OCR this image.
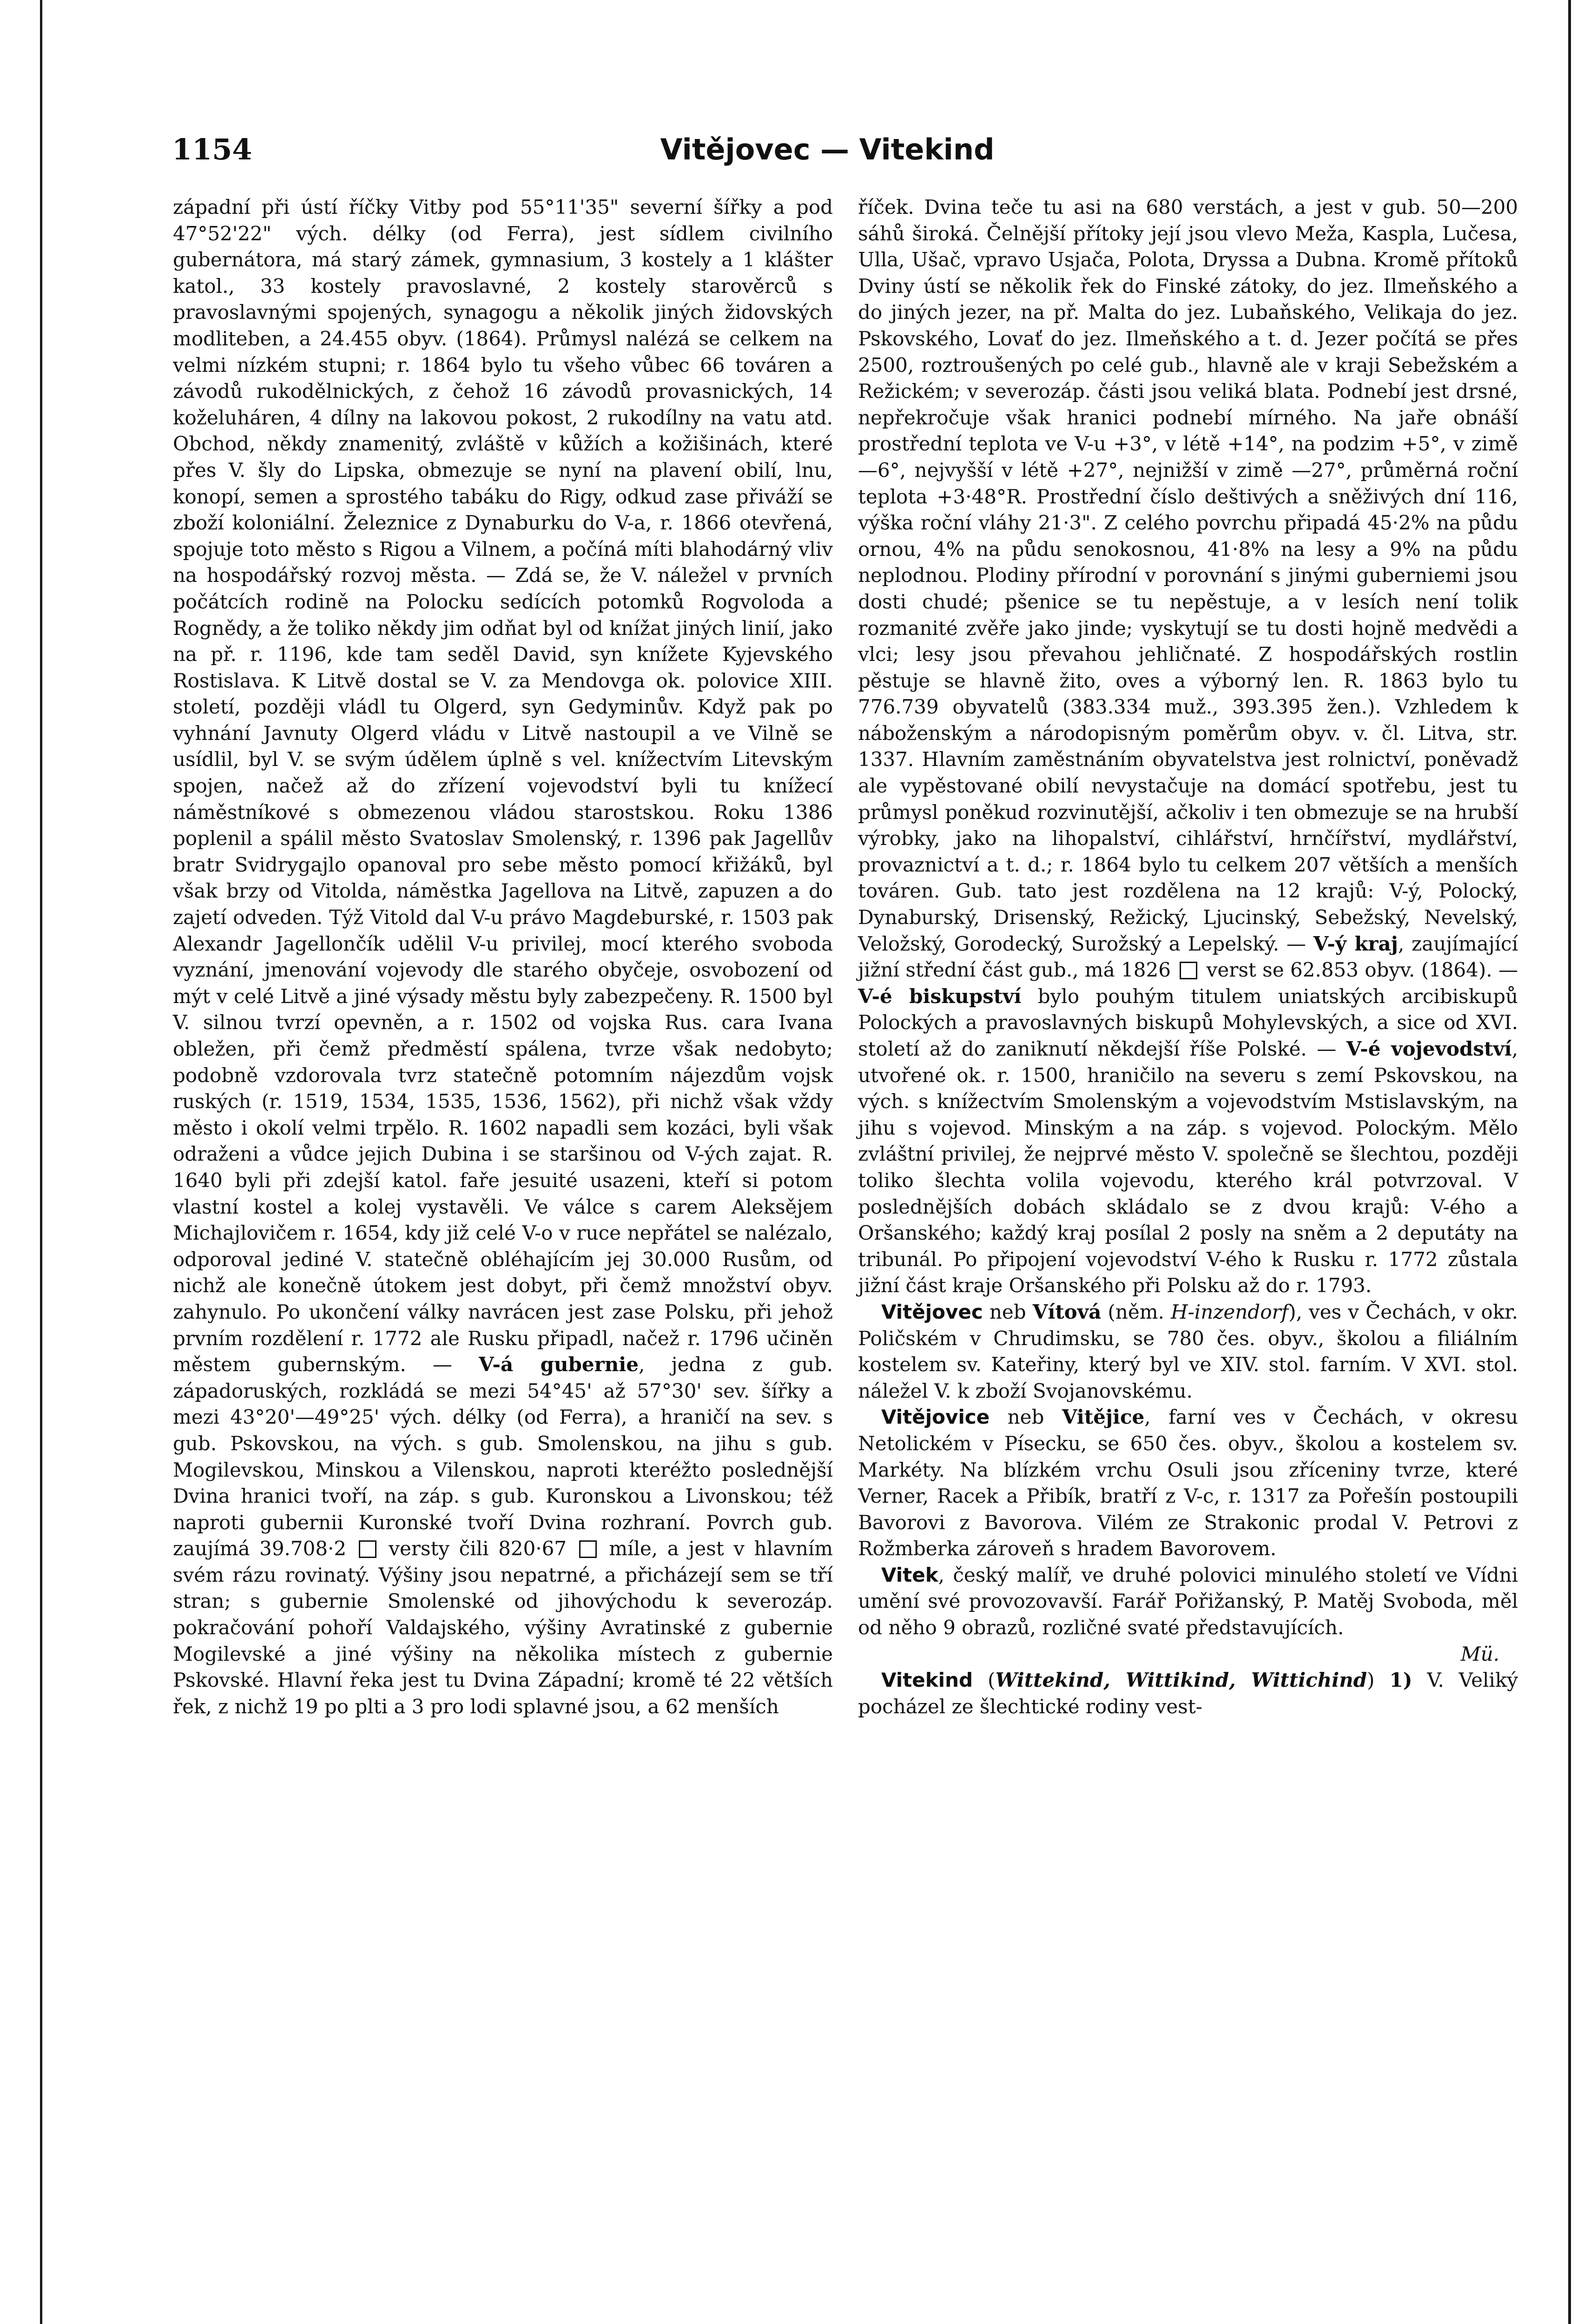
1154	Vitějovec — Vitekind

západní při ústí říčky Vitby pod 55°11'35" severní šířky a pod 47°52'22" vých. délky (od Ferra), jest sídlem civilního gubernátora, má starý zámek, gymnasium, 3 kostely a 1 klášter katol., 33 kostely pravoslavné, 2 kostely starověrců s pravoslavnými spojených, synagogu a několik jiných židovských modliteben, a 24.455 obyv. (1864). Průmysl nalézá se celkem na velmi nízkém stupni; r. 1864 bylo tu všeho vůbec 66 továren a závodů rukodělnických, z čehož 16 závodů provasnických, 14 koželuháren, 4 dílny na lakovou pokost, 2 rukodílny na vatu atd. Obchod, někdy znamenitý, zvláště v kůžích a kožišinách, které přes V. šly do Lipska, obmezuje se nyní na plavení obilí, lnu, konopí, semen a sprostého tabáku do Rigy, odkud zase přiváží se zboží koloniální. Železnice z Dynaburku do V-a, r. 1866 otevřená, spojuje toto město s Rigou a Vilnem, a počíná míti blahodárný vliv na hospodářský rozvoj města. — Zdá se, že V. náležel v prvních počátcích rodině na Polocku sedících potomků Rogvoloda a Rognědy, a že toliko někdy jim odňat byl od knížat jiných linií, jako na př. r. 1196, kde tam seděl David, syn knížete Kyjevského Rostislava. K Litvě dostal se V. za Mendovga ok. polovice XIII. století, později vládl tu Olgerd, syn Gedyminův. Když pak po vyhnání Javnuty Olgerd vládu v Litvě nastoupil a ve Vilně se usídlil, byl V. se svým údělem úplně s vel. knížectvím Litevským spojen, načež až do zřízení vojevodství byli tu knížecí náměstníkové s obmezenou vládou starostskou. Roku 1386 poplenil a spálil město Svatoslav Smolenský, r. 1396 pak Jagellův bratr Svidrygajlo opanoval pro sebe město pomocí křižáků, byl však brzy od Vitolda, náměstka Jagellova na Litvě, zapuzen a do zajetí odveden. Týž Vitold dal V-u právo Magdeburské, r. 1503 pak Alexandr Jagellončík udělil V-u privilej, mocí kterého svoboda vyznání, jmenování vojevody dle starého obyčeje, osvobození od mýt v celé Litvě a jiné výsady městu byly zabezpečeny. R. 1500 byl V. silnou tvrzí opevněn, a r. 1502 od vojska Rus. cara Ivana obležen, při čemž předměstí spálena, tvrze však nedobyto; podobně vzdorovala tvrz statečně potomním nájezdům vojsk ruských (r. 1519, 1534, 1535, 1536, 1562), při nichž však vždy město i okolí velmi trpělo. R. 1602 napadli sem kozáci, byli však odraženi a vůdce jejich Dubina i se staršinou od V-ých zajat. R. 1640 byli při zdejší katol. faře jesuité usazeni, kteří si potom vlastní kostel a kolej vystavěli. Ve válce s carem Aleksějem Michajlovičem r. 1654, kdy již celé V-o v ruce nepřátel se nalézalo, odporoval jediné V. statečně obléhajícím jej 30.000 Rusům, od nichž ale konečně útokem jest dobyt, při čemž množství obyv. zahynulo. Po ukončení války navrácen jest zase Polsku, při jehož prvním rozdělení r. 1772 ale Rusku připadl, načež r. 1796 učiněn městem gubernským. — V-á gubernie, jedna z gub. západoruských, rozkládá se mezi 54°45' až 57°30' sev. šířky a mezi 43°20'—49°25' vých. délky (od Ferra), a hraničí na sev. s gub. Pskovskou, na vých. s gub. Smolenskou, na jihu s gub. Mogilevskou, Minskou a Vilenskou, naproti kteréžto poslednější Dvina hranici tvoří, na záp. s gub. Kuronskou a Livonskou; též naproti gubernii Kuronské tvoří Dvina rozhraní. Povrch gub. zaujímá 39.708·2 versty čili 820·67 míle, a jest v hlavním svém rázu rovinatý. Výšiny jsou nepatrné, a přicházejí sem se tří stran; s gubernie Smolenské od jihovýchodu k severozáp. pokračování pohoří Valdajského, výšiny Avratinské z gubernie Mogilevské a jiné výšiny na několika místech z gubernie Pskovské. Hlavní řeka jest tu Dvina Západní; kromě té 22 větších řek, z nichž 19 po plti a 3 pro lodi splavné jsou, a 62 menších

říček. Dvina teče tu asi na 680 verstách, a jest v gub. 50—200 sáhů široká. Čelnější přítoky její jsou vlevo Meža, Kaspla, Lučesa, Ulla, Ušač, vpravo Usjača, Polota, Dryssa a Dubna. Kromě přítoků Dviny ústí se několik řek do Finské zátoky, do jez. Ilmeňského a do jiných jezer, na př. Malta do jez. Lubaňského, Velikaja do jez. Pskovského, Lovať do jez. Ilmeňského a t. d. Jezer počítá se přes 2500, roztroušených po celé gub., hlavně ale v kraji Sebežském a Režickém; v severozáp. části jsou veliká blata. Podnebí jest drsné, nepřekročuje však hranici podnebí mírného. Na jaře obnáší prostřední teplota ve V-u +3°, v létě +14°, na podzim +5°, v zimě —6°, nejvyšší v létě +27°, nejnižší v zimě —27°, průměrná roční teplota +3·48°R. Prostřední číslo deštivých a sněživých dní 116, výška roční vláhy 21·3". Z celého povrchu připadá 45·2% na půdu ornou, 4% na půdu senokosnou, 41·8% na lesy a 9% na půdu neplodnou. Plodiny přírodní v porovnání s jinými guberniemi jsou dosti chudé; pšenice se tu nepěstuje, a v lesích není tolik rozmanité zvěře jako jinde; vyskytují se tu dosti hojně medvědi a vlci; lesy jsou převahou jehličnaté. Z hospodářských rostlin pěstuje se hlavně žito, oves a výborný len. R. 1863 bylo tu 776.739 obyvatelů (383.334 muž., 393.395 žen.). Vzhledem k náboženským a národopisným poměrům obyv. v. čl. Litva, str. 1337. Hlavním zaměstnáním obyvatelstva jest rolnictví, poněvadž ale vypěstované obilí nevystačuje na domácí spotřebu, jest tu průmysl poněkud rozvinutější, ačkoliv i ten obmezuje se na hrubší výrobky, jako na lihopalství, cihlářství, hrnčířství, mydlářství, provaznictví a t. d.; r. 1864 bylo tu celkem 207 větších a menších továren. Gub. tato jest rozdělena na 12 krajů: V-ý, Polocký, Dynaburský, Drisenský, Režický, Ljucinský, Sebežský, Nevelský, Veložský, Gorodecký, Surožský a Lepelský. — V-ý kraj, zaujímající jižní střední část gub., má 1826 verst se 62.853 obyv. (1864). — V-é biskupství bylo pouhým titulem uniatských arcibiskupů Polockých a pravoslavných biskupů Mohylevských, a sice od XVI. století až do zaniknutí někdejší říše Polské. — V-é vojevodství, utvořené ok. r. 1500, hraničilo na severu s zemí Pskovskou, na vých. s knížectvím Smolenským a vojevodstvím Mstislavským, na jihu s vojevod. Minským a na záp. s vojevod. Polockým. Mělo zvláštní privilej, že nejprvé město V. společně se šlechtou, později toliko šlechta volila vojevodu, kterého král potvrzoval. V poslednějších dobách skládalo se z dvou krajů: V-ého a Oršanského; každý kraj posílal 2 posly na sněm a 2 deputáty na tribunál. Po připojení vojevodství V-ého k Rusku r. 1772 zůstala jižní část kraje Oršanského při Polsku až do r. 1793.

Vitějovec neb Vítová (něm. H-inzendorf), ves v Čechách, v okr. Poličském v Chrudimsku, se 780 čes. obyv., školou a filiálním kostelem sv. Kateřiny, který byl ve XIV. stol. farním. V XVI. stol. náležel V. k zboží Svojanovskému.

Vitějovice neb Vitějice, farní ves v Čechách, v okresu Netolickém v Písecku, se 650 čes. obyv., školou a kostelem sv. Markéty. Na blízkém vrchu Osuli jsou zříceniny tvrze, které Verner, Racek a Přibík, bratří z V-c, r. 1317 za Pořešín postoupili Bavorovi z Bavorova. Vilém ze Strakonic prodal V. Petrovi z Rožmberka zároveň s hradem Bavorovem.

Vitek, český malíř, ve druhé polovici minulého století ve Vídni umění své provozovavší. Farář Pořižanský, P. Matěj Svoboda, měl od něho 9 obrazů, rozličné svaté představujících.
Mü.

Vitekind (Wittekind, Wittikind, Wittichind) 1) V. Veliký pocházel ze šlechtické rodiny vest-
